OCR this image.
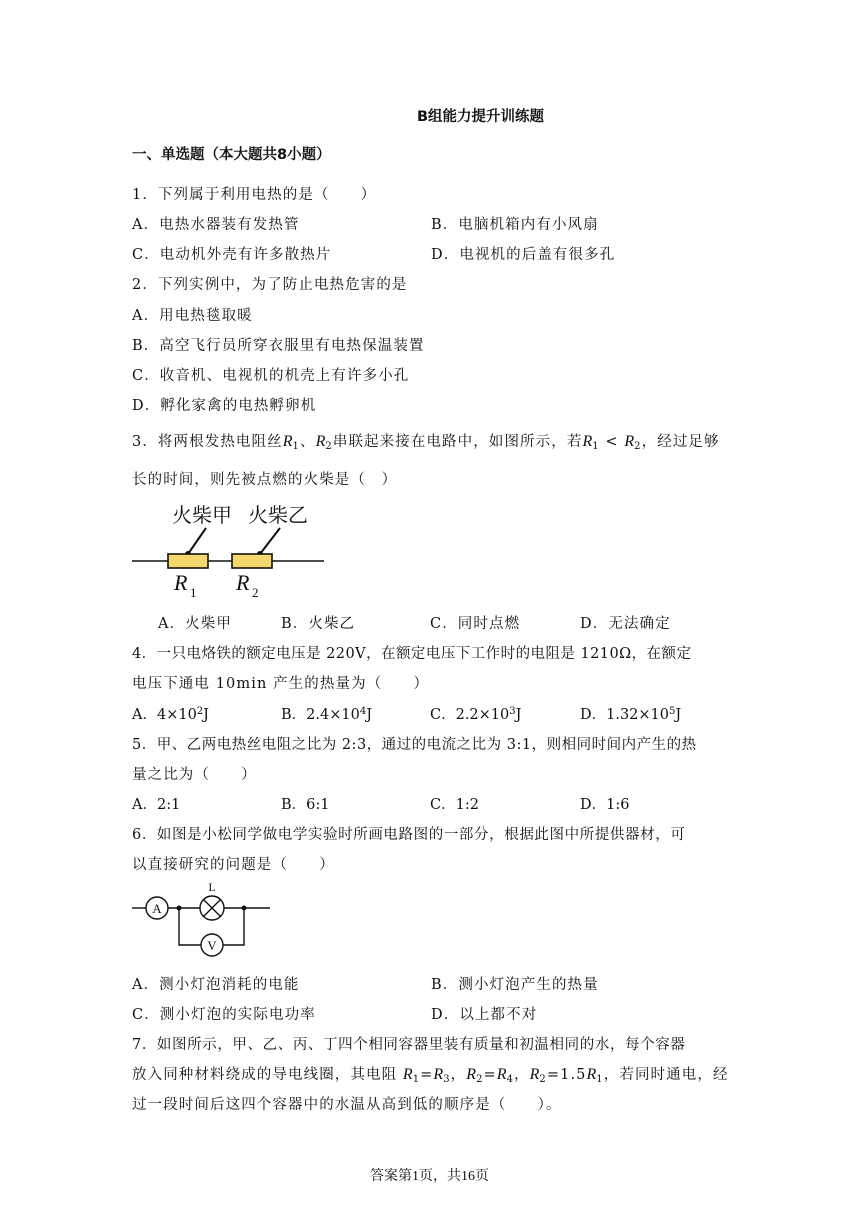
B组能力提升训练题
一、单选题（本大题共8小题）
1．下列属于利用电热的是（　　）
A．电热水器装有发热管	B．电脑机箱内有小风扇
C．电动机外壳有许多散热片	D．电视机的后盖有很多孔
2．下列实例中，为了防止电热危害的是
A．用电热毯取暖
B．高空飞行员所穿衣服里有电热保温装置
C．收音机、电视机的机壳上有许多小孔
D．孵化家禽的电热孵卵机
3．将两根发热电阻丝$R_1$、$R_2$串联起来接在电路中，如图所示，若$R_1 < R_2$，经过足够
长的时间，则先被点燃的火柴是（　）
火柴甲 火柴乙
R 1 R 2
A．火柴甲	B．火柴乙	C．同时点燃	D．无法确定
4．一只电烙铁的额定电压是 220V，在额定电压下工作时的电阻是 1210Ω，在额定
电压下通电 10min 产生的热量为（　　）
A．$4\times 10^2J$	B．$2.4\times 10^4J$	C．$2.2\times 10^3J$	D．$1.32\times 10^5J$
5．甲、乙两电热丝电阻之比为 2:3，通过的电流之比为 3:1，则相同时间内产生的热
量之比为（　　）
A．2:1	B．6:1	C．1:2	D．1:6
6．如图是小松同学做电学实验时所画电路图的一部分，根据此图中所提供器材，可
以直接研究的问题是（　　）
A
L
V
A．测小灯泡消耗的电能	B．测小灯泡产生的热量
C．测小灯泡的实际电功率	D．以上都不对
7．如图所示，甲、乙、丙、丁四个相同容器里装有质量和初温相同的水，每个容器
放入同种材料绕成的导电线圈，其电阻 $R_1=R_3$，$R_2=R_4$，$R_2=1.5R_1$，若同时通电，经
过一段时间后这四个容器中的水温从高到低的顺序是（　　）。
答案第1页，共16页
